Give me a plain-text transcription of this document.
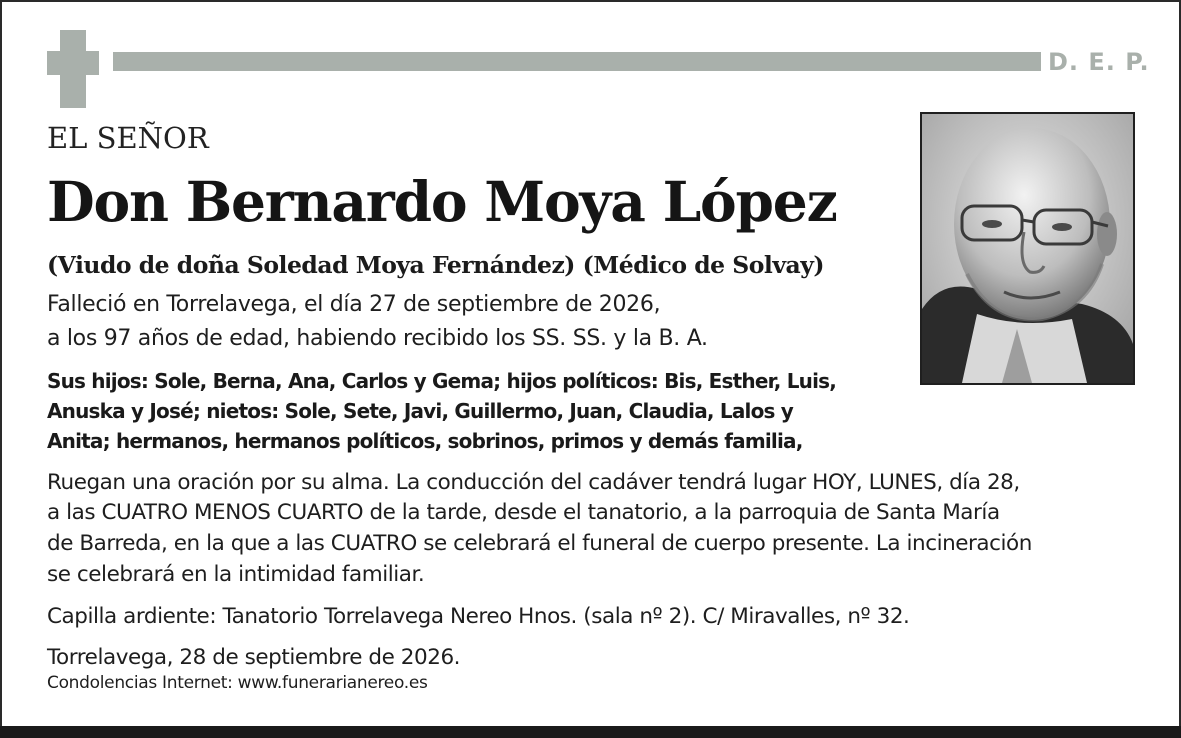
D. E. P.
EL SEÑOR
Don Bernardo Moya López
(Viudo de doña Soledad Moya Fernández) (Médico de Solvay)
Falleció en Torrelavega, el día 27 de septiembre de 2026,
a los 97 años de edad, habiendo recibido los SS. SS. y la B. A.
Sus hijos: Sole, Berna, Ana, Carlos y Gema; hijos políticos: Bis, Esther, Luis,
Anuska y José; nietos: Sole, Sete, Javi, Guillermo, Juan, Claudia, Lalos y
Anita; hermanos, hermanos políticos, sobrinos, primos y demás familia,
Ruegan una oración por su alma. La conducción del cadáver tendrá lugar HOY, LUNES, día 28,
a las CUATRO MENOS CUARTO de la tarde, desde el tanatorio, a la parroquia de Santa María
de Barreda, en la que a las CUATRO se celebrará el funeral de cuerpo presente. La incineración
se celebrará en la intimidad familiar.
Capilla ardiente: Tanatorio Torrelavega Nereo Hnos. (sala nº 2). C/ Miravalles, nº 32.
Torrelavega, 28 de septiembre de 2026.
Condolencias Internet: www.funerarianereo.es
